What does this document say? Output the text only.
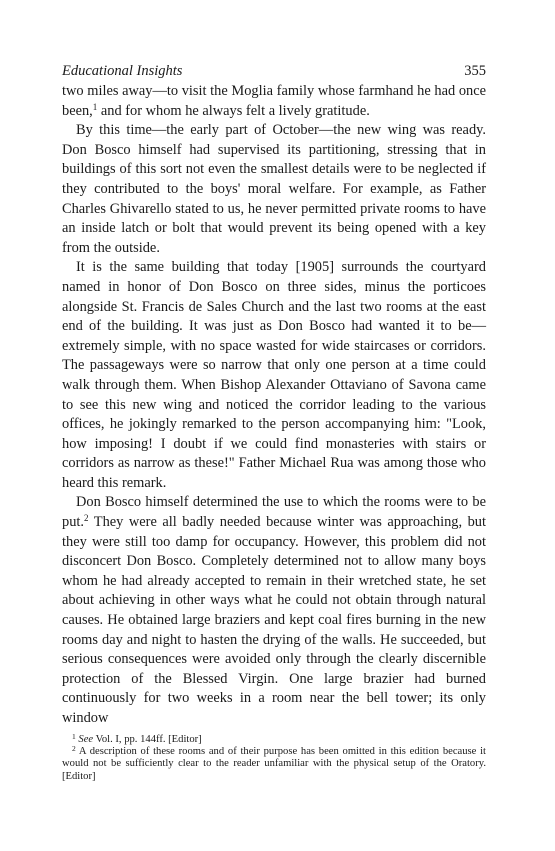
Educational Insights	355

two miles away—to visit the Moglia family whose farmhand he had once been,$^1$ and for whom he always felt a lively gratitude.

By this time—the early part of October—the new wing was ready. Don Bosco himself had supervised its partitioning, stressing that in buildings of this sort not even the smallest details were to be neglected if they contributed to the boys' moral welfare. For example, as Father Charles Ghivarello stated to us, he never permitted private rooms to have an inside latch or bolt that would prevent its being opened with a key from the outside.

It is the same building that today [1905] surrounds the courtyard named in honor of Don Bosco on three sides, minus the porticoes alongside St. Francis de Sales Church and the last two rooms at the east end of the building. It was just as Don Bosco had wanted it to be—extremely simple, with no space wasted for wide staircases or corridors. The passageways were so narrow that only one person at a time could walk through them. When Bishop Alexander Ottaviano of Savona came to see this new wing and noticed the corridor leading to the various offices, he jokingly remarked to the person accompanying him: "Look, how imposing! I doubt if we could find monasteries with stairs or corridors as narrow as these!" Father Michael Rua was among those who heard this remark.

Don Bosco himself determined the use to which the rooms were to be put.$^2$ They were all badly needed because winter was approaching, but they were still too damp for occupancy. However, this problem did not disconcert Don Bosco. Completely determined not to allow many boys whom he had already accepted to remain in their wretched state, he set about achieving in other ways what he could not obtain through natural causes. He obtained large braziers and kept coal fires burning in the new rooms day and night to hasten the drying of the walls. He succeeded, but serious consequences were avoided only through the clearly discernible protection of the Blessed Virgin. One large brazier had burned continuously for two weeks in a room near the bell tower; its only window

$^1$ See Vol. I, pp. 144ff. [Editor]
$^2$ A description of these rooms and of their purpose has been omitted in this edition because it would not be sufficiently clear to the reader unfamiliar with the physical setup of the Oratory. [Editor]
